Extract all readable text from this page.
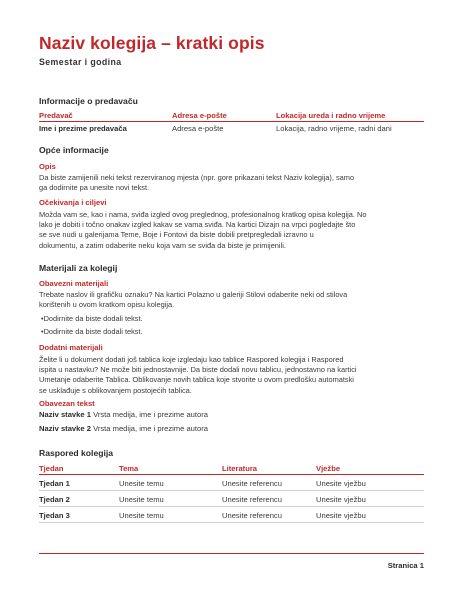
Naziv kolegija – kratki opis
Semestar i godina
Informacije o predavaču
Predavač	Adresa e-pošte	Lokacija ureda i radno vrijeme
Ime i prezime predavača	Adresa e-pošte	Lokacija, radno vrijeme, radni dani
Opće informacije
Opis
Da biste zamijenili neki tekst rezerviranog mjesta (npr. gore prikazani tekst Naziv kolegija), samo
ga dodirnite pa unesite novi tekst.
Očekivanja i ciljevi
Možda vam se, kao i nama, sviđa izgled ovog preglednog, profesionalnog kratkog opisa kolegija. No
lako je dobiti i točno onakav izgled kakav se vama sviđa. Na kartici Dizajn na vrpci pogledajte što
se sve nudi u galerijama Teme, Boje i Fontovi da biste dobili pretpregledali izravno u
dokumentu, a zatim odaberite neku koja vam se sviđa da biste je primijenili.
Materijali za kolegij
Obavezni materijali
Trebate naslov ili grafičku oznaku? Na kartici Polazno u galeriji Stilovi odaberite neki od stilova
korištenih u ovom kratkom opisu kolegija.
•Dodirnite da biste dodali tekst.
•Dodirnite da biste dodali tekst.
Dodatni materijali
Želite li u dokument dodati još tablica koje izgledaju kao tablice Raspored kolegija i Raspored
ispita u nastavku? Ne može biti jednostavnije. Da biste dodali novu tablicu, jednostavno na kartici
Umetanje odaberite Tablica. Oblikovanje novih tablica koje stvorite u ovom predlošku automatski
se usklađuje s oblikovanjem postojećih tablica.
Obavezan tekst
Naziv stavke 1 Vrsta medija, ime i prezime autora
Naziv stavke 2 Vrsta medija, ime i prezime autora
Raspored kolegija
Tjedan	Tema	Literatura	Vježbe
Tjedan 1	Unesite temu	Unesite referencu	Unesite vježbu
Tjedan 2	Unesite temu	Unesite referencu	Unesite vježbu
Tjedan 3	Unesite temu	Unesite referencu	Unesite vježbu
Stranica 1
